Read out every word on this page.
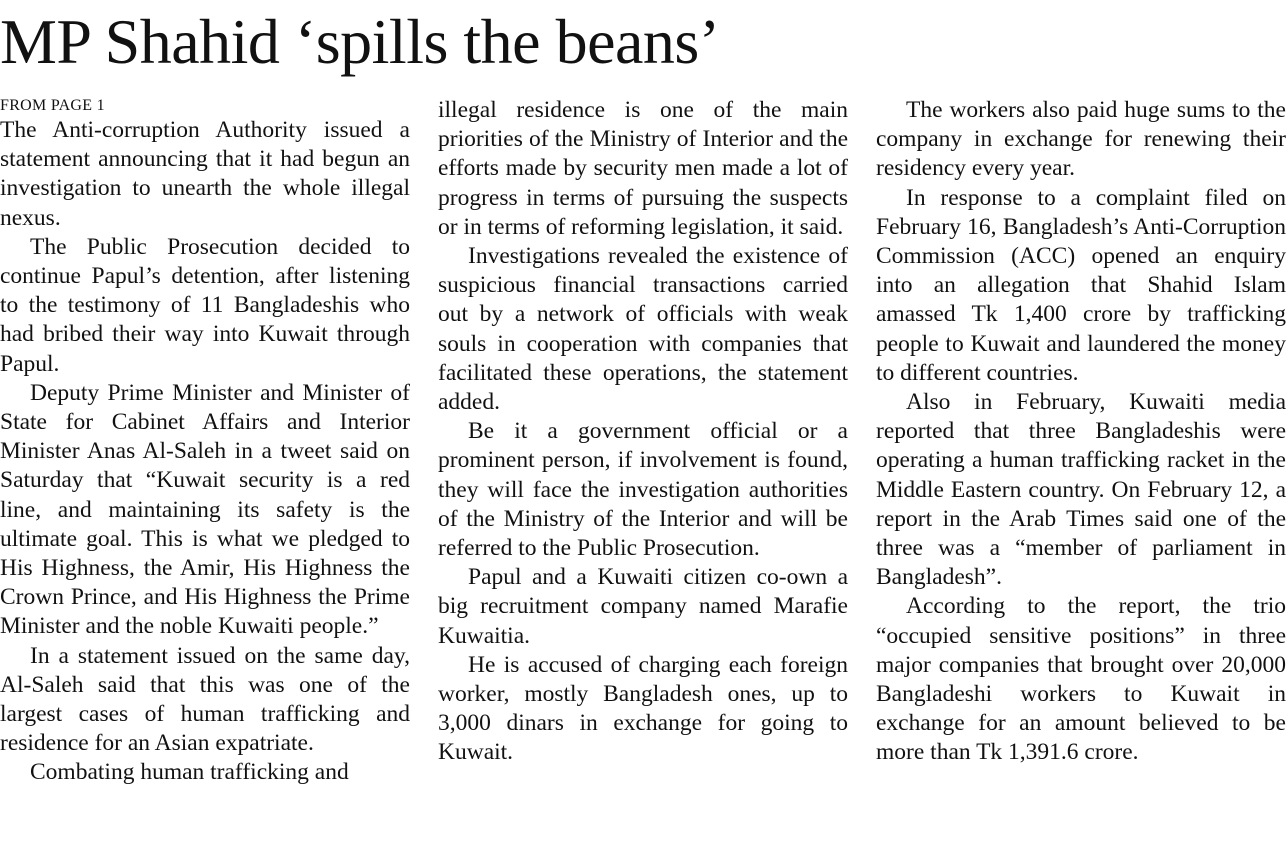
MP Shahid ‘spills the beans’
FROM PAGE 1

The Anti-corruption Authority issued a statement announcing that it had begun an investigation to unearth the whole illegal nexus.

The Public Prosecution decided to continue Papul’s detention, after listening to the testimony of 11 Bangladeshis who had bribed their way into Kuwait through Papul.

Deputy Prime Minister and Minister of State for Cabinet Affairs and Interior Minister Anas Al-Saleh in a tweet said on Saturday that “Kuwait security is a red line, and maintaining its safety is the ultimate goal. This is what we pledged to His Highness, the Amir, His Highness the Crown Prince, and His Highness the Prime Minister and the noble Kuwaiti people.”

In a statement issued on the same day, Al-Saleh said that this was one of the largest cases of human trafficking and residence for an Asian expatriate.

Combating human trafficking and

illegal residence is one of the main priorities of the Ministry of Interior and the efforts made by security men made a lot of progress in terms of pursuing the suspects or in terms of reforming legislation, it said.

Investigations revealed the existence of suspicious financial transactions carried out by a network of officials with weak souls in cooperation with companies that facilitated these operations, the statement added.

Be it a government official or a prominent person, if involvement is found, they will face the investigation authorities of the Ministry of the Interior and will be referred to the Public Prosecution.

Papul and a Kuwaiti citizen co-own a big recruitment company named Marafie Kuwaitia.

He is accused of charging each foreign worker, mostly Bangladesh ones, up to 3,000 dinars in exchange for going to Kuwait.

The workers also paid huge sums to the company in exchange for renewing their residency every year.

In response to a complaint filed on February 16, Bangladesh’s Anti-Corruption Commission (ACC) opened an enquiry into an allegation that Shahid Islam amassed Tk 1,400 crore by trafficking people to Kuwait and laundered the money to different countries.

Also in February, Kuwaiti media reported that three Bangladeshis were operating a human trafficking racket in the Middle Eastern country. On February 12, a report in the Arab Times said one of the three was a “member of parliament in Bangladesh”.

According to the report, the trio “occupied sensitive positions” in three major companies that brought over 20,000 Bangladeshi workers to Kuwait in exchange for an amount believed to be more than Tk 1,391.6 crore.
